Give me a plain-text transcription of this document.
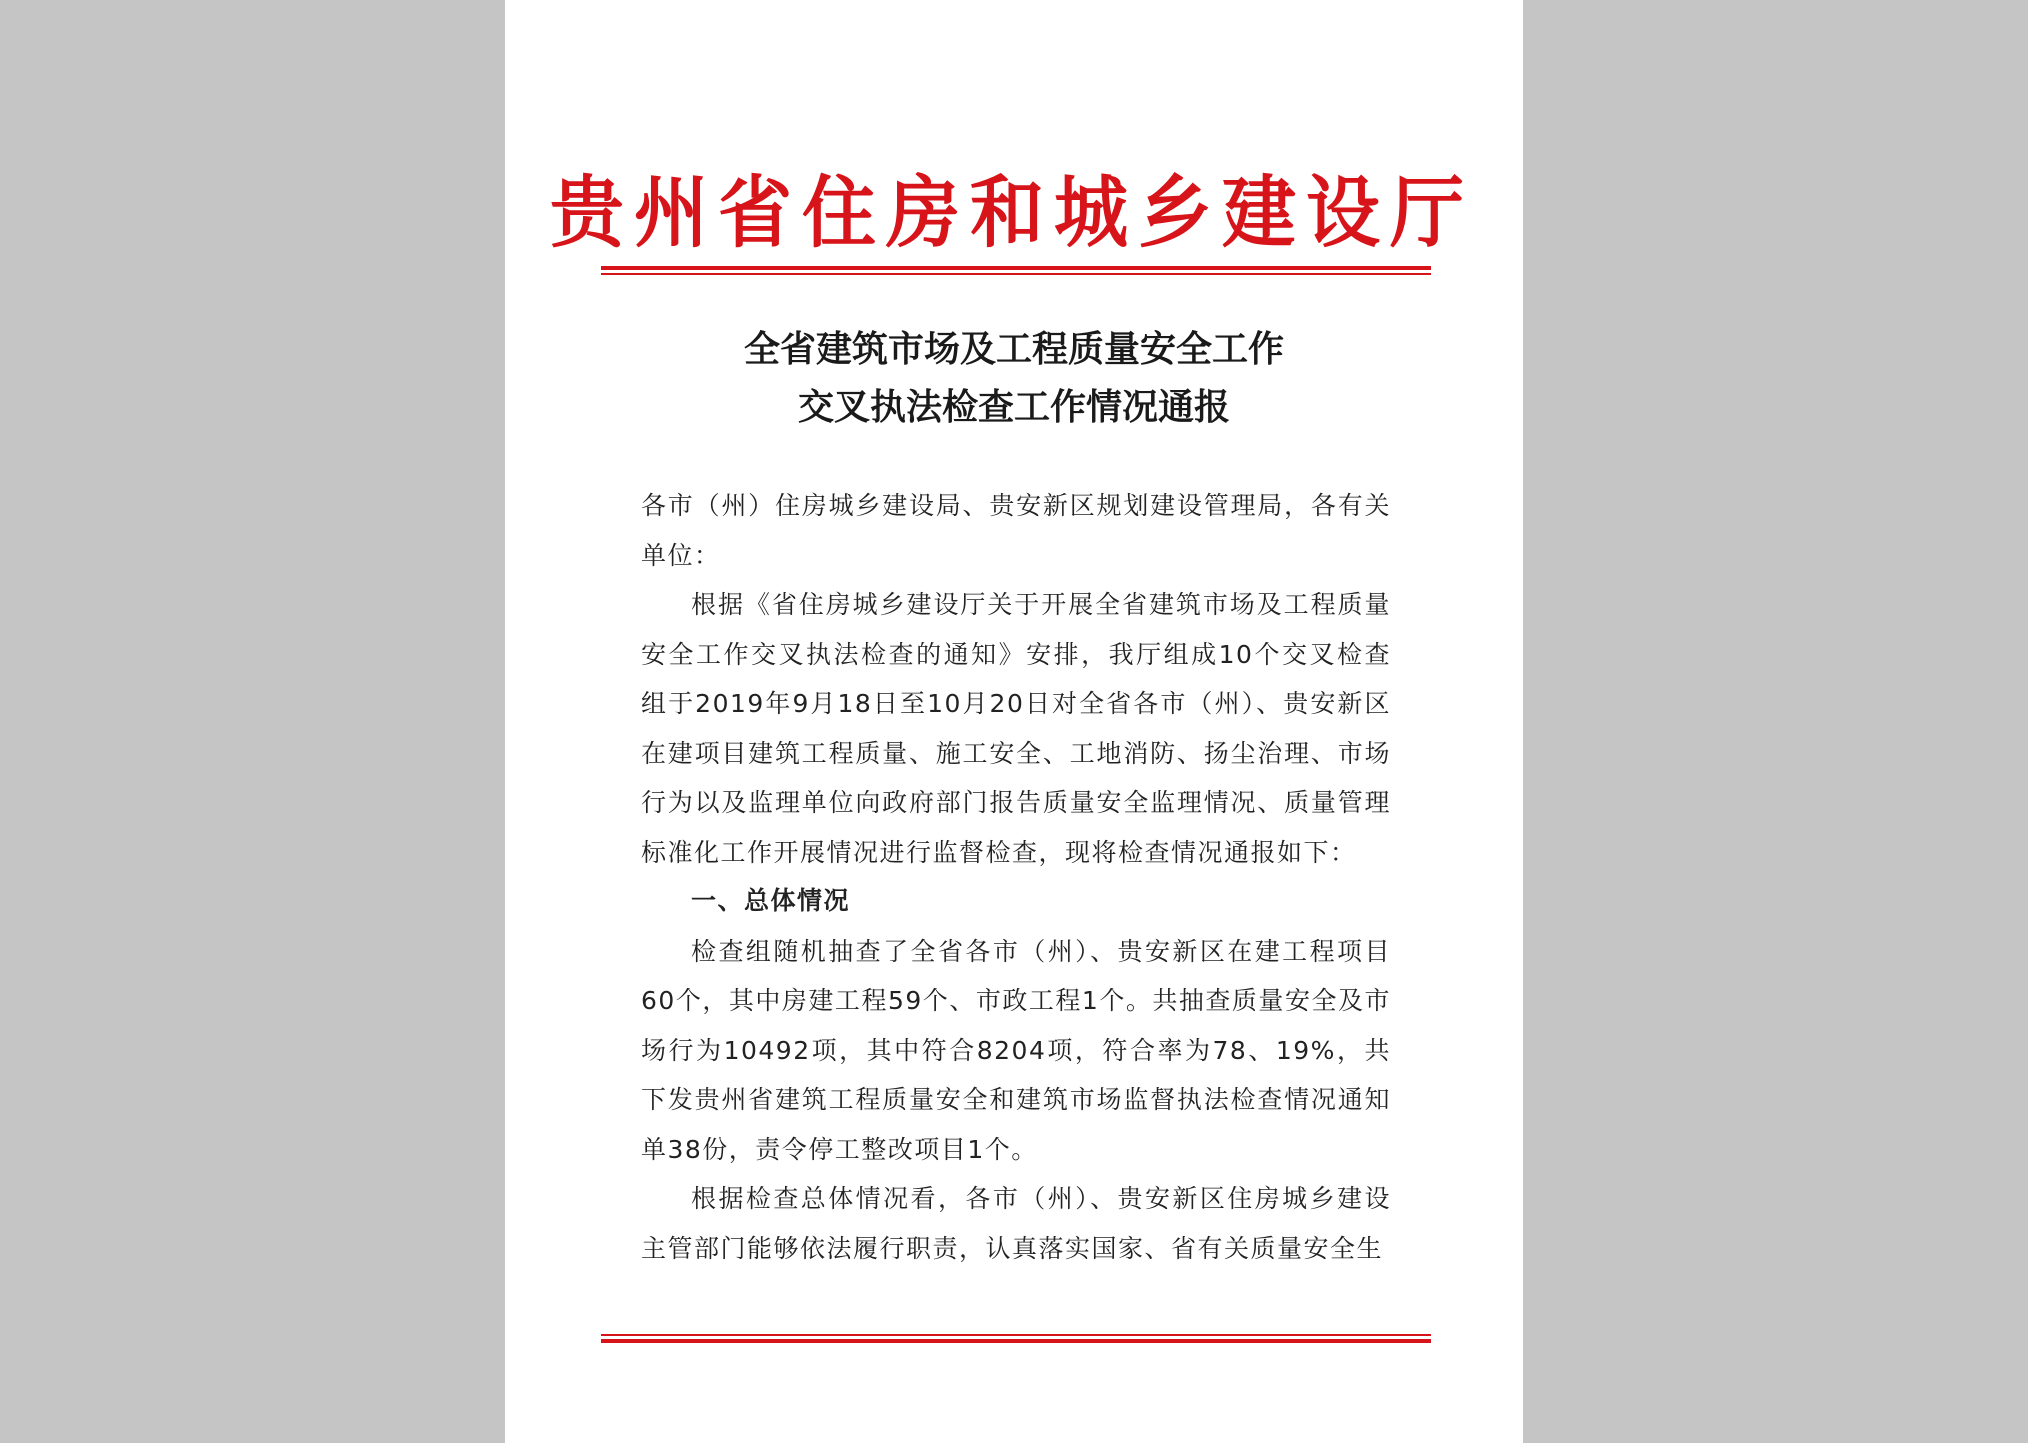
贵州省住房和城乡建设厅
全省建筑市场及工程质量安全工作
交叉执法检查工作情况通报

各市（州）住房城乡建设局、贵安新区规划建设管理局，各有关单位：

根据《省住房城乡建设厅关于开展全省建筑市场及工程质量安全工作交叉执法检查的通知》安排，我厅组成10个交叉检查组于2019年9月18日至10月20日对全省各市（州）、贵安新区在建项目建筑工程质量、施工安全、工地消防、扬尘治理、市场行为以及监理单位向政府部门报告质量安全监理情况、质量管理标准化工作开展情况进行监督检查，现将检查情况通报如下：

一、总体情况

检查组随机抽查了全省各市（州）、贵安新区在建工程项目60个，其中房建工程59个、市政工程1个。共抽查质量安全及市场行为10492项，其中符合8204项，符合率为78、19%，共下发贵州省建筑工程质量安全和建筑市场监督执法检查情况通知单38份，责令停工整改项目1个。

根据检查总体情况看，各市（州）、贵安新区住房城乡建设主管部门能够依法履行职责，认真落实国家、省有关质量安全生
